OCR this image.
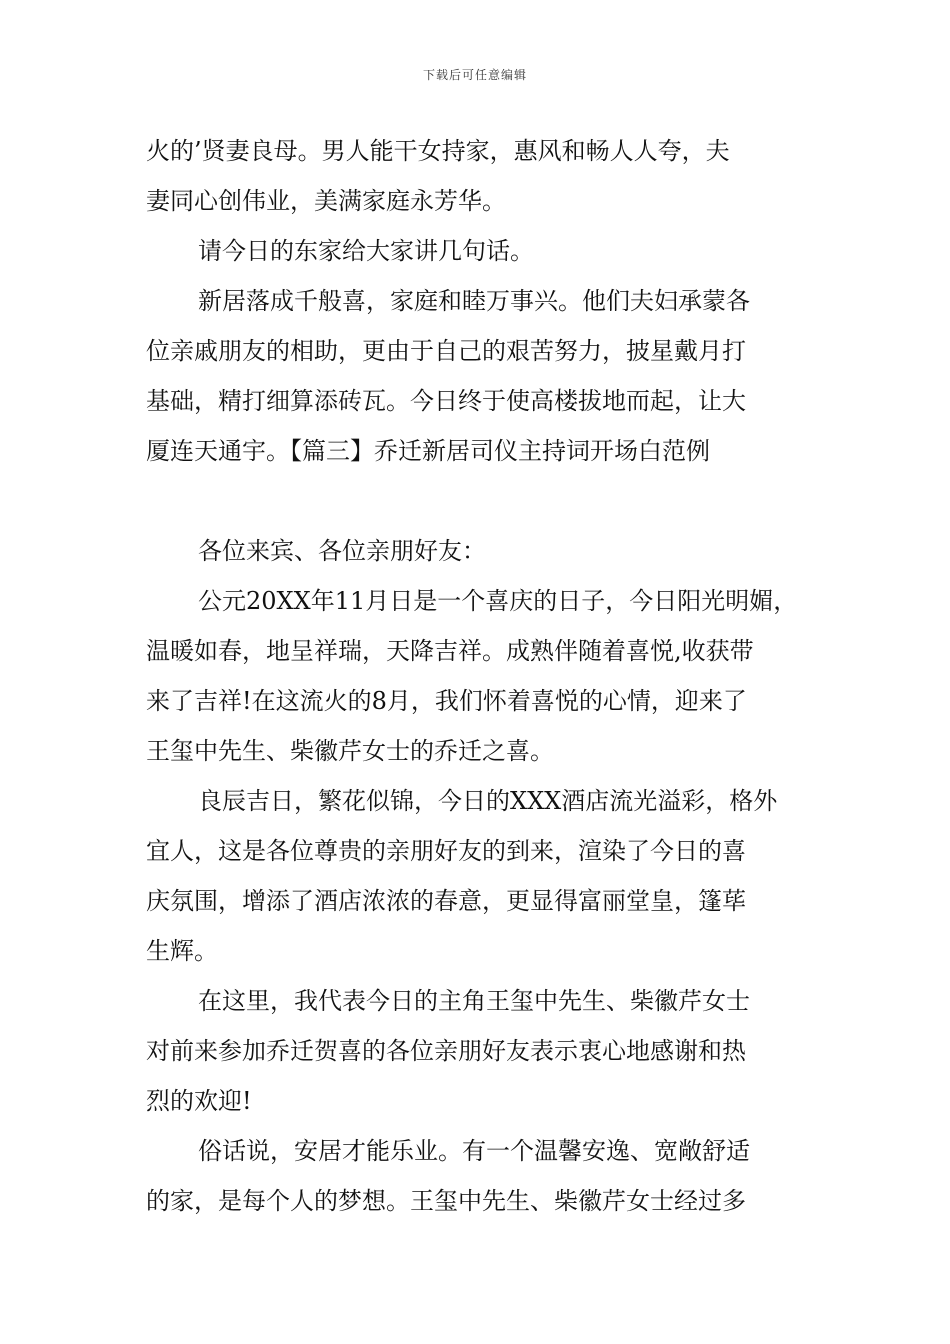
下载后可任意编辑

火的’贤妻良母。男人能干女持家，惠风和畅人人夸，夫

妻同心创伟业，美满家庭永芳华。

请今日的东家给大家讲几句话。

新居落成千般喜，家庭和睦万事兴。他们夫妇承蒙各

位亲戚朋友的相助，更由于自己的艰苦努力，披星戴月打

基础，精打细算添砖瓦。今日终于使高楼拔地而起，让大

厦连天通宇。【篇三】乔迁新居司仪主持词开场白范例

各位来宾、各位亲朋好友：

公元20XX年11月日是一个喜庆的日子，今日阳光明媚，

温暖如春，地呈祥瑞，天降吉祥。成熟伴随着喜悦,收获带

来了吉祥!在这流火的8月，我们怀着喜悦的心情，迎来了

王玺中先生、柴徽芹女士的乔迁之喜。

良辰吉日，繁花似锦，今日的XXX酒店流光溢彩，格外

宜人，这是各位尊贵的亲朋好友的到来，渲染了今日的喜

庆氛围，增添了酒店浓浓的春意，更显得富丽堂皇，篷荜

生辉。

在这里，我代表今日的主角王玺中先生、柴徽芹女士

对前来参加乔迁贺喜的各位亲朋好友表示衷心地感谢和热

烈的欢迎!

俗话说，安居才能乐业。有一个温馨安逸、宽敞舒适

的家，是每个人的梦想。王玺中先生、柴徽芹女士经过多
